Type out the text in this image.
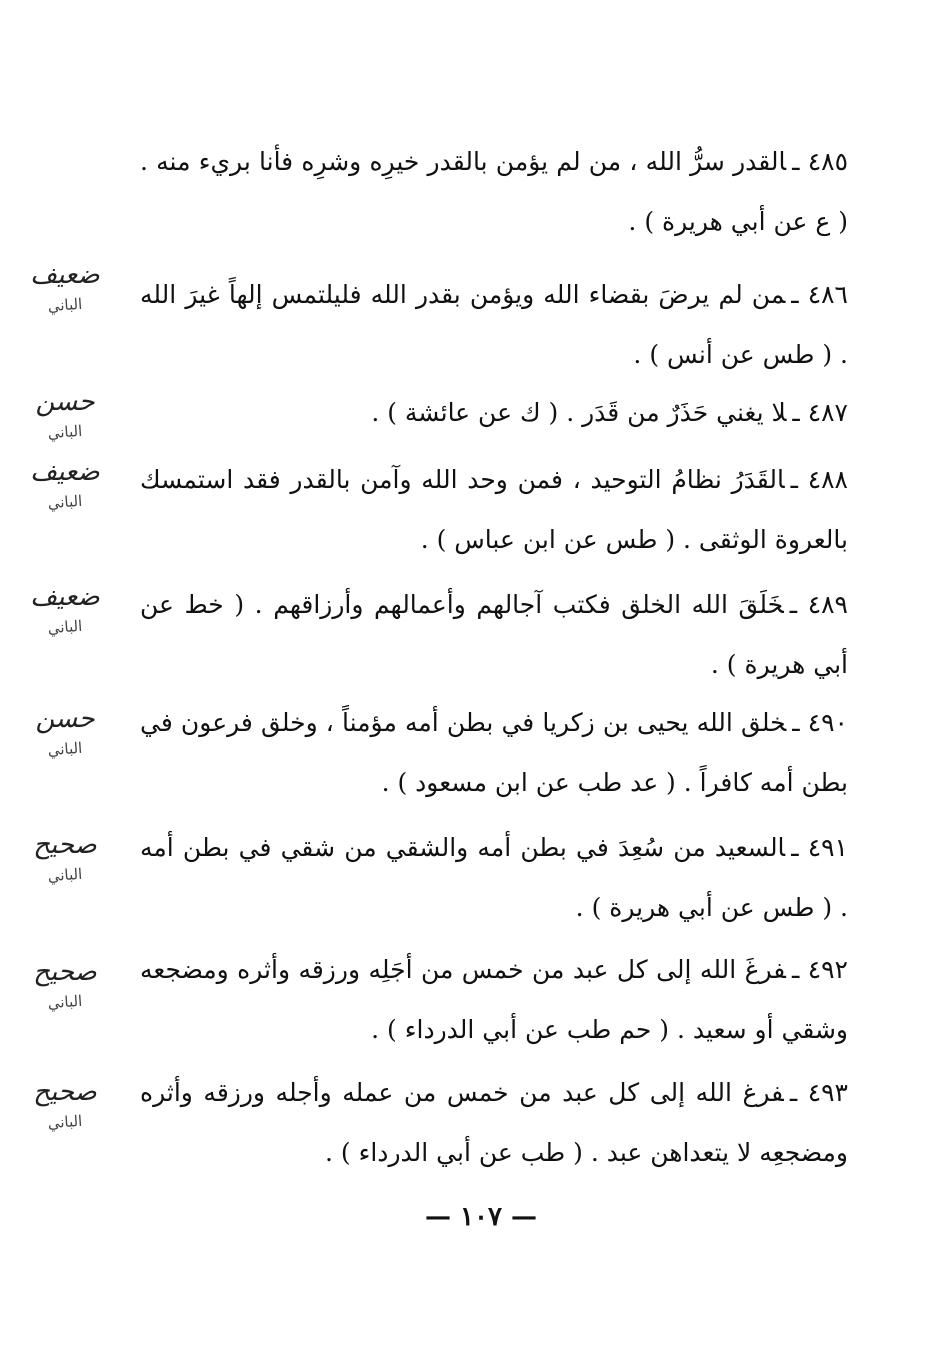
٤٨٥ ـالقدر سرُّ الله ، من لم يؤمن بالقدر خيرِه وشرِه فأنا بريء منه . ( ع عن أبي هريرة ) .
ضعيف
الباني	٤٨٦ ـمن لم يرضَ بقضاء الله ويؤمن بقدر الله فليلتمس إلهاً غيرَ الله . ( طس عن أنس ) .
حسن
الباني
٤٨٧ ـلا يغني حَذَرٌ من قَدَر . ( ك عن عائشة ) .
ضعيف
الباني
٤٨٨ ـالقَدَرُ نظامُ التوحيد ، فمن وحد الله وآمن بالقدر فقد استمسك بالعروة الوثقى . ( طس عن ابن عباس ) .
ضعيف
الباني
٤٨٩ ـخَلَقَ الله الخلق فكتب آجالهم وأعمالهم وأرزاقهم . ( خط عن أبي هريرة ) .
حسن
الباني
٤٩٠ ـخلق الله يحيى بن زكريا في بطن أمه مؤمناً ، وخلق فرعون في بطن أمه كافراً . ( عد طب عن ابن مسعود ) .
صحيح
الباني
٤٩١ ـالسعيد من سُعِدَ في بطن أمه والشقي من شقي في بطن أمه . ( طس عن أبي هريرة ) .
صحيح
الباني
٤٩٢ ـفرغَ الله إلى كل عبد من خمس من أجَلِه ورزقه وأثره ومضجعه وشقي أو سعيد . ( حم طب عن أبي الدرداء ) .
صحيح
الباني
٤٩٣ ـفرغ الله إلى كل عبد من خمس من عمله وأجله ورزقه وأثره ومضجعِه لا يتعداهن عبد . ( طب عن أبي الدرداء ) .
— ١٠٧ —
